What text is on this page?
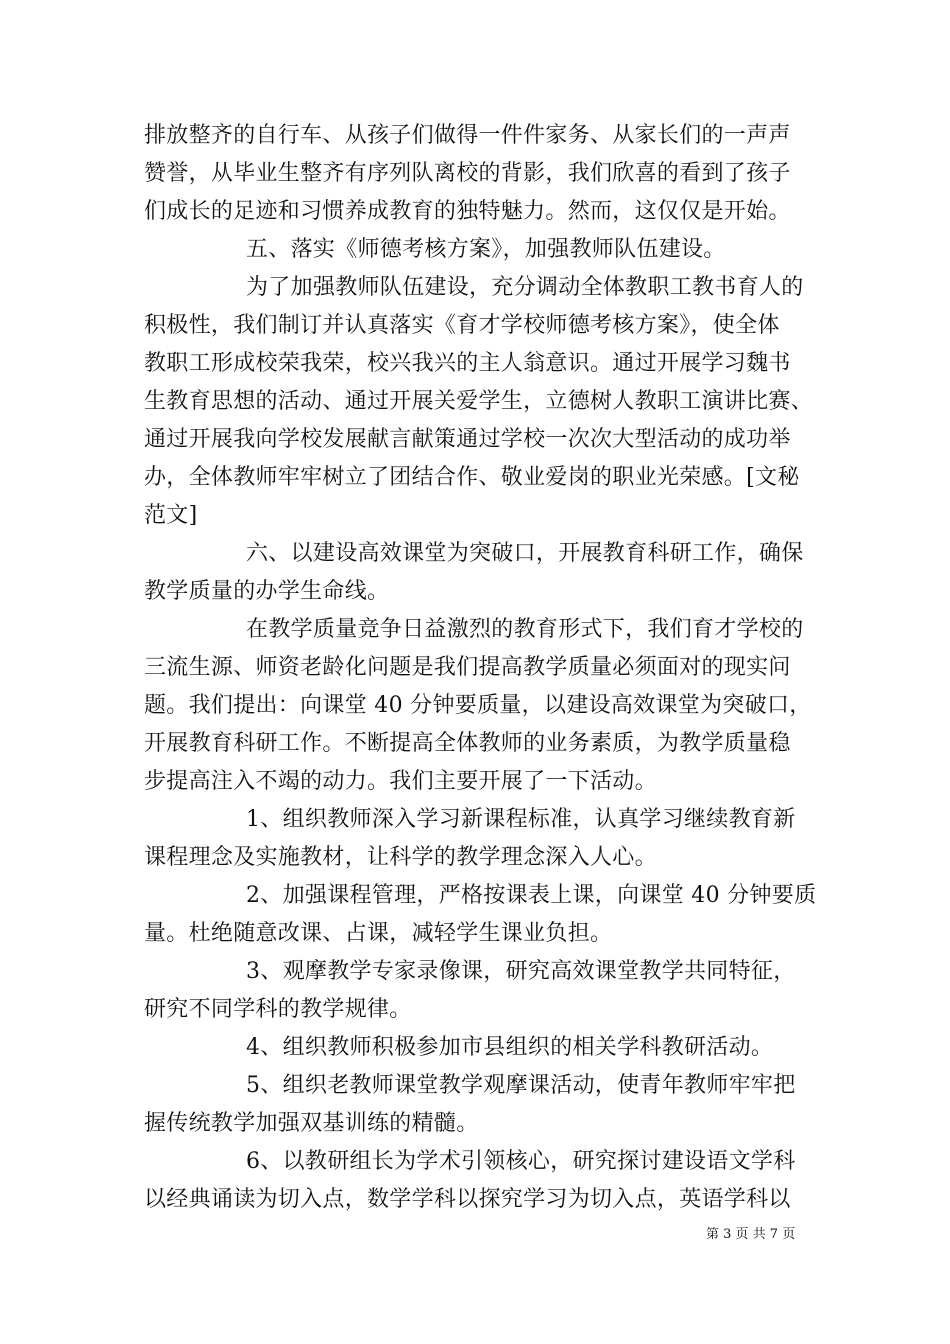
排放整齐的自行车、从孩子们做得一件件家务、从家长们的一声声
赞誉，从毕业生整齐有序列队离校的背影，我们欣喜的看到了孩子
们成长的足迹和习惯养成教育的独特魅力。然而，这仅仅是开始。
五、落实《师德考核方案》，加强教师队伍建设。
为了加强教师队伍建设，充分调动全体教职工教书育人的
积极性，我们制订并认真落实《育才学校师德考核方案》，使全体
教职工形成校荣我荣，校兴我兴的主人翁意识。通过开展学习魏书
生教育思想的活动、通过开展关爱学生，立德树人教职工演讲比赛、
通过开展我向学校发展献言献策通过学校一次次大型活动的成功举
办，全体教师牢牢树立了团结合作、敬业爱岗的职业光荣感。[文秘
范文]
六、以建设高效课堂为突破口，开展教育科研工作，确保
教学质量的办学生命线。
在教学质量竞争日益激烈的教育形式下，我们育才学校的
三流生源、师资老龄化问题是我们提高教学质量必须面对的现实问
题。我们提出：向课堂 40 分钟要质量，以建设高效课堂为突破口，
开展教育科研工作。不断提高全体教师的业务素质，为教学质量稳
步提高注入不竭的动力。我们主要开展了一下活动。
1、组织教师深入学习新课程标准，认真学习继续教育新
课程理念及实施教材，让科学的教学理念深入人心。
2、加强课程管理，严格按课表上课，向课堂 40 分钟要质
量。杜绝随意改课、占课，减轻学生课业负担。
3、观摩教学专家录像课，研究高效课堂教学共同特征，
研究不同学科的教学规律。
4、组织教师积极参加市县组织的相关学科教研活动。
5、组织老教师课堂教学观摩课活动，使青年教师牢牢把
握传统教学加强双基训练的精髓。
6、以教研组长为学术引领核心，研究探讨建设语文学科
以经典诵读为切入点，数学学科以探究学习为切入点，英语学科以
第 3 页 共 7 页
